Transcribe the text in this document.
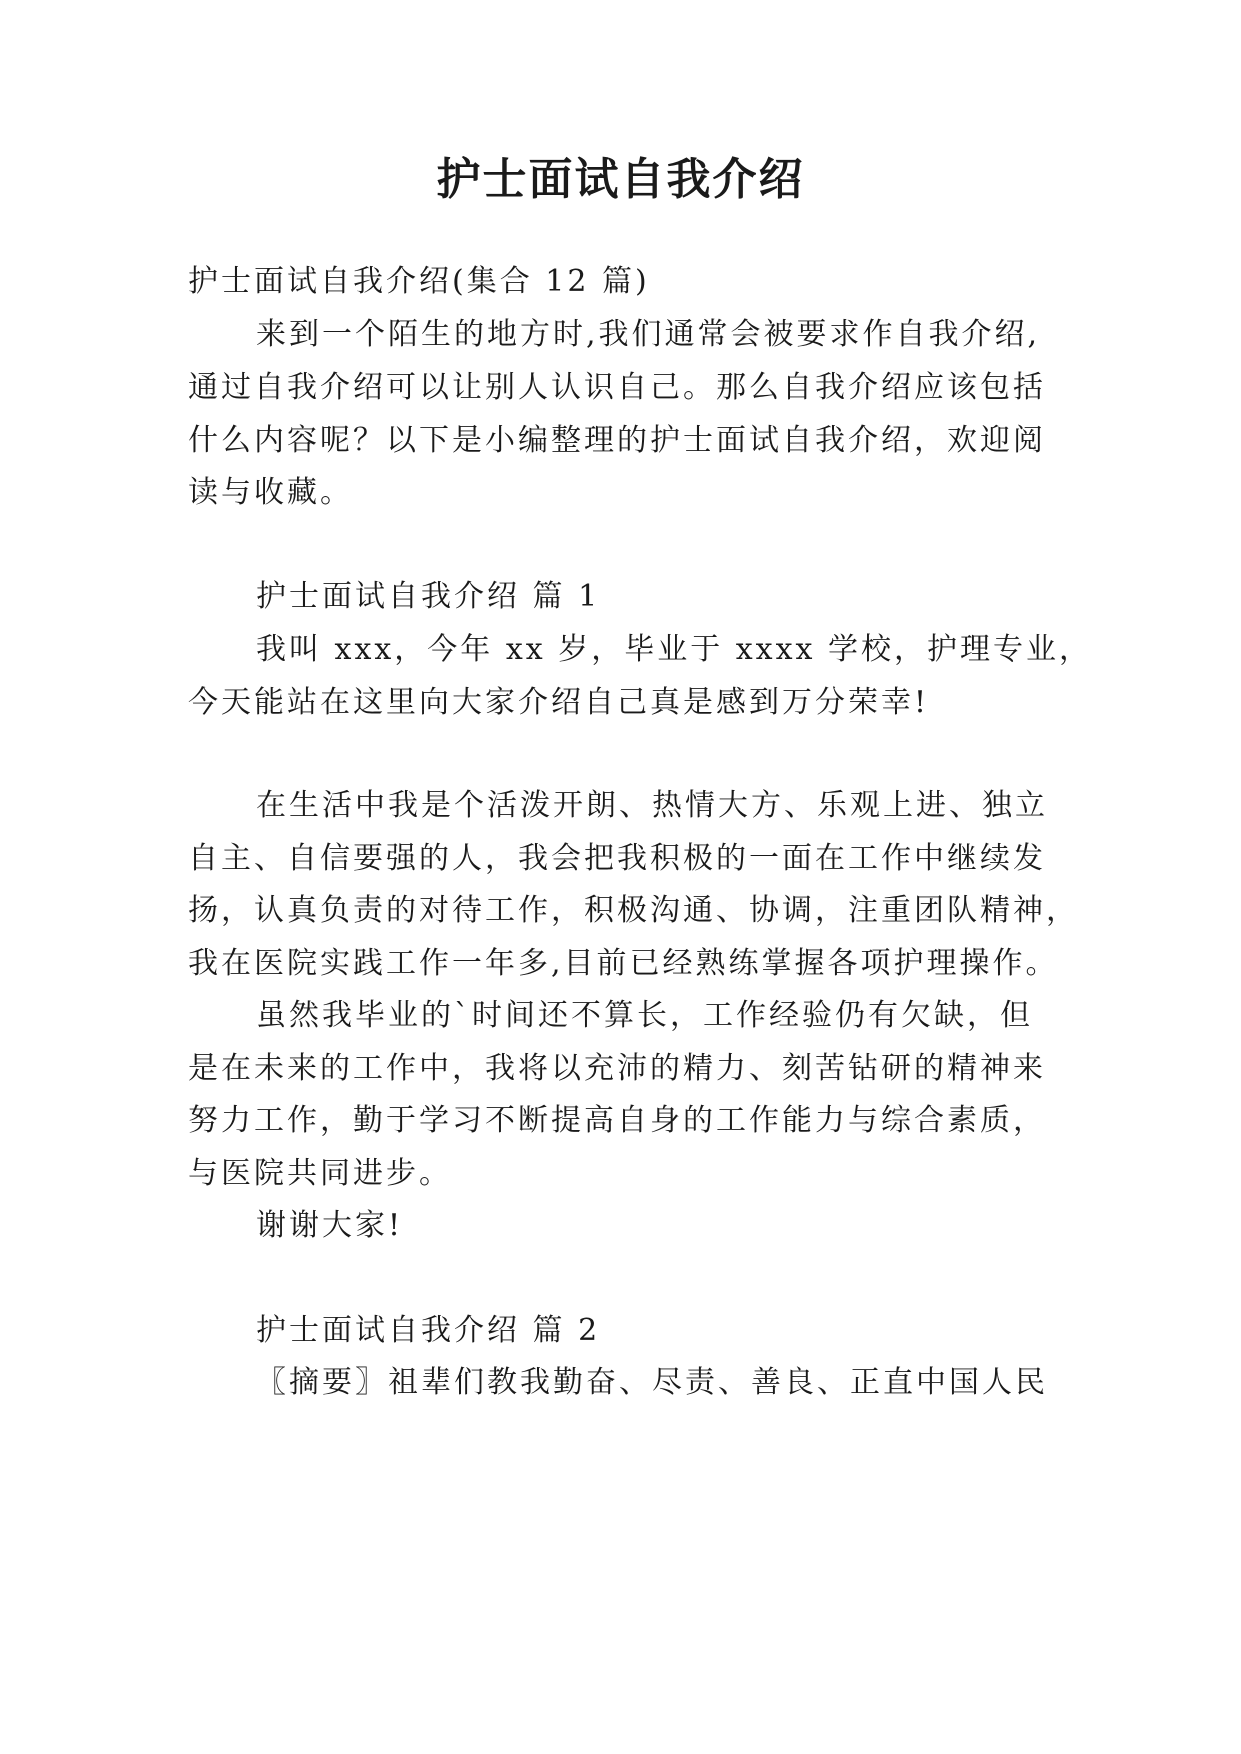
护士面试自我介绍

护士面试自我介绍(集合 12 篇)

来到一个陌生的地方时,我们通常会被要求作自我介绍,

通过自我介绍可以让别人认识自己。那么自我介绍应该包括

什么内容呢？以下是小编整理的护士面试自我介绍，欢迎阅

读与收藏。

护士面试自我介绍 篇 1

我叫 xxx，今年 xx 岁，毕业于 xxxx 学校，护理专业，

今天能站在这里向大家介绍自己真是感到万分荣幸!

在生活中我是个活泼开朗、热情大方、乐观上进、独立

自主、自信要强的人，我会把我积极的一面在工作中继续发

扬，认真负责的对待工作，积极沟通、协调，注重团队精神，

我在医院实践工作一年多,目前已经熟练掌握各项护理操作。

虽然我毕业的`时间还不算长，工作经验仍有欠缺，但

是在未来的工作中，我将以充沛的精力、刻苦钻研的精神来

努力工作，勤于学习不断提高自身的工作能力与综合素质，

与医院共同进步。

谢谢大家!

护士面试自我介绍 篇 2

〖摘要〗祖辈们教我勤奋、尽责、善良、正直中国人民
